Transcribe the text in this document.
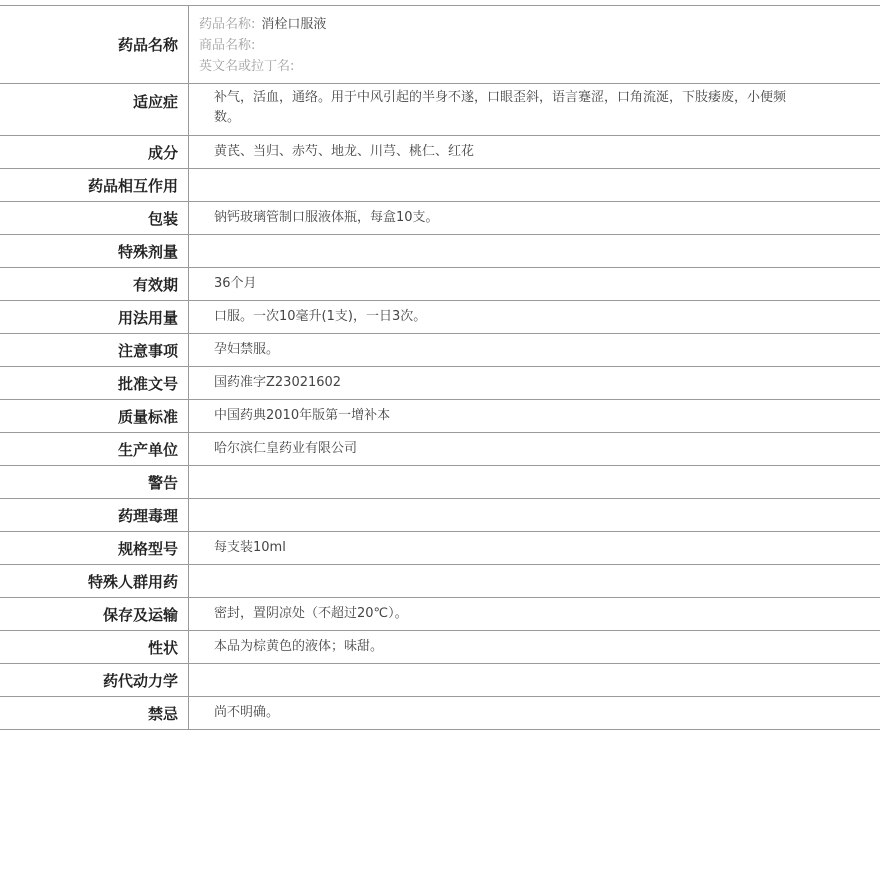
药品名称
药品名称: 消栓口服液
商品名称:
英文名或拉丁名:
适应症	补气，活血，通络。用于中风引起的半身不遂，口眼歪斜，语言蹇涩，口角流涎，下肢痿废，小便频数。
成分	黄芪、当归、赤芍、地龙、川芎、桃仁、红花
药品相互作用
包装	钠钙玻璃管制口服液体瓶，每盒10支。
特殊剂量
有效期	36个月
用法用量	口服。一次10毫升(1支)，一日3次。
注意事项	孕妇禁服。
批准文号	国药准字Z23021602
质量标准	中国药典2010年版第一增补本
生产单位	哈尔滨仁皇药业有限公司
警告
药理毒理
规格型号	每支装10ml
特殊人群用药
保存及运输	密封，置阴凉处（不超过20℃）。
性状	本品为棕黄色的液体；味甜。
药代动力学
禁忌	尚不明确。
